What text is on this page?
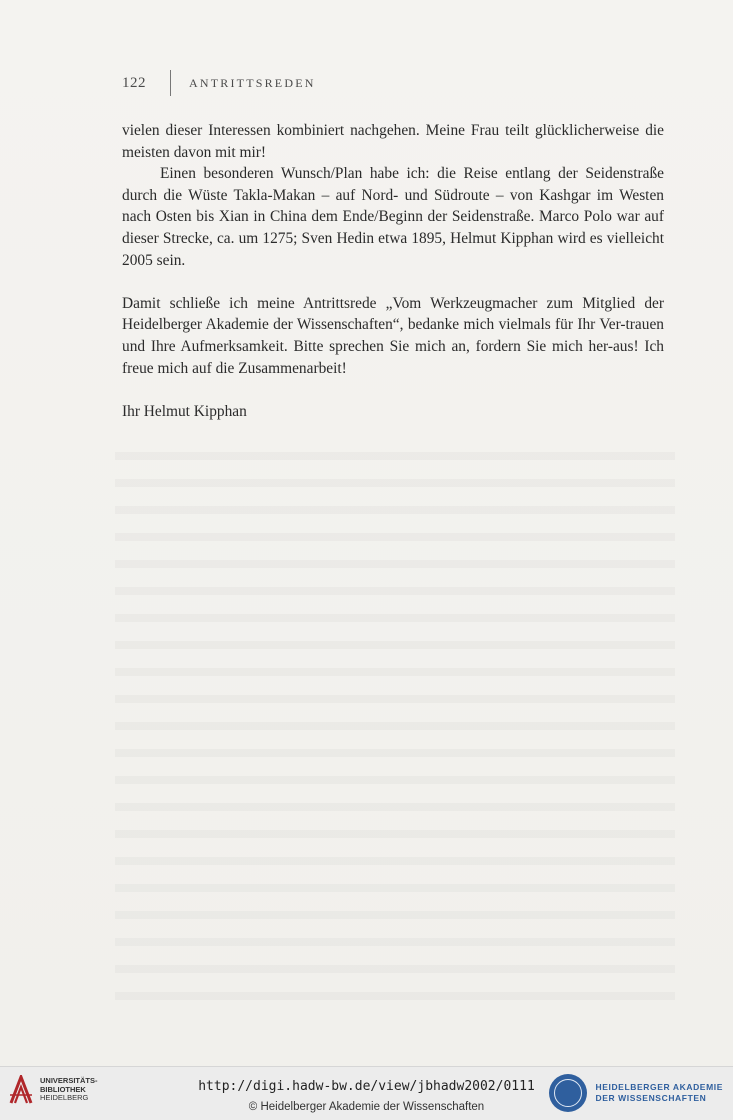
122	ANTRITTSREDEN

vielen dieser Interessen kombiniert nachgehen. Meine Frau teilt glücklicherweise die meisten davon mit mir!

Einen besonderen Wunsch/Plan habe ich: die Reise entlang der Seidenstraße durch die Wüste Takla-Makan – auf Nord- und Südroute – von Kashgar im Westen nach Osten bis Xian in China dem Ende/Beginn der Seidenstraße. Marco Polo war auf dieser Strecke, ca. um 1275; Sven Hedin etwa 1895, Helmut Kipphan wird es vielleicht 2005 sein.

Damit schließe ich meine Antrittsrede „Vom Werkzeugmacher zum Mitglied der Heidelberger Akademie der Wissenschaften“, bedanke mich vielmals für Ihr Ver-trauen und Ihre Aufmerksamkeit. Bitte sprechen Sie mich an, fordern Sie mich her-aus! Ich freue mich auf die Zusammenarbeit!

Ihr Helmut Kipphan

UNIVERSITÄTS-
BIBLIOTHEK
HEIDELBERG
http://digi.hadw-bw.de/view/jbhadw2002/0111
© Heidelberger Akademie der Wissenschaften
HEIDELBERGER AKADEMIE
DER WISSENSCHAFTEN
